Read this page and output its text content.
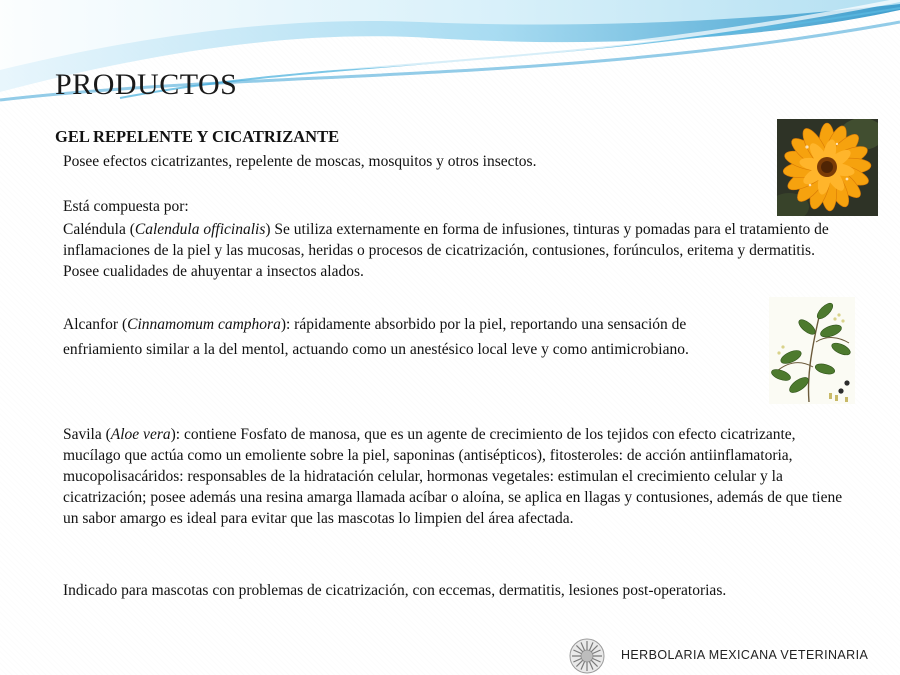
PRODUCTOS
GEL REPELENTE Y CICATRIZANTE

Posee efectos cicatrizantes, repelente de moscas, mosquitos y otros insectos.

Está compuesta por:

Caléndula (Calendula officinalis) Se utiliza externamente en forma de infusiones, tinturas y pomadas para el tratamiento de inflamaciones de la piel y las mucosas, heridas o procesos de cicatrización, contusiones, forúnculos, eritema y dermatitis. Posee cualidades de ahuyentar a insectos alados.

Alcanfor (Cinnamomum camphora): rápidamente absorbido por la piel, reportando una sensación de enfriamiento similar a la del mentol, actuando como un anestésico local leve y como antimicrobiano.

Savila (Aloe vera): contiene Fosfato de manosa, que es un agente de crecimiento de los tejidos con efecto cicatrizante, mucílago que actúa como un emoliente sobre la piel, saponinas (antisépticos), fitosteroles: de acción antiinflamatoria, mucopolisacáridos: responsables de la hidratación celular, hormonas vegetales: estimulan el crecimiento celular y la cicatrización; posee además una resina amarga llamada acíbar o aloína, se aplica en llagas y contusiones, además de que tiene un sabor amargo es ideal para evitar que las mascotas lo limpien del área afectada.

Indicado para mascotas con problemas de cicatrización, con eccemas, dermatitis, lesiones post-operatorias.

HERBOLARIA MEXICANA VETERINARIA
